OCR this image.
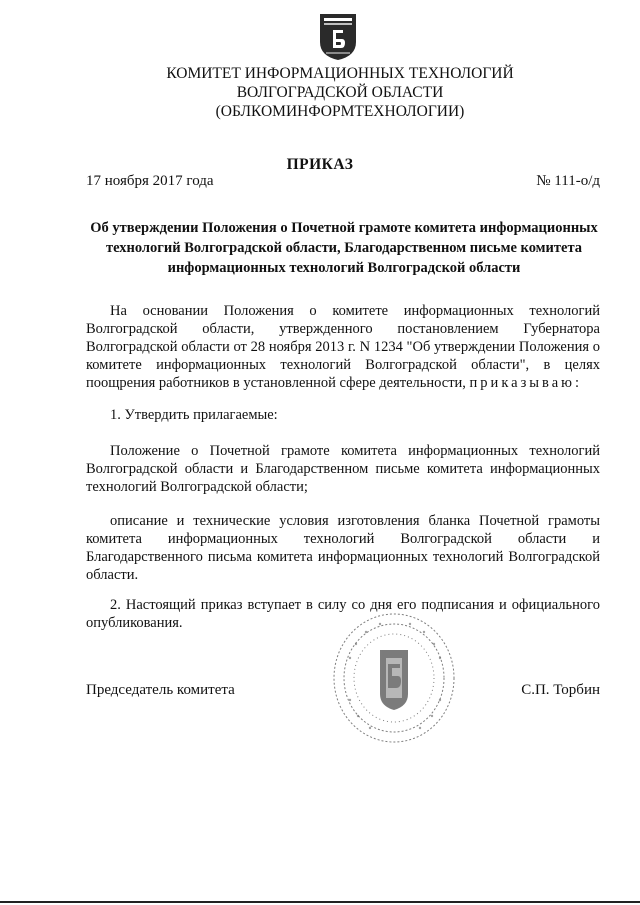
КОМИТЕТ ИНФОРМАЦИОННЫХ ТЕХНОЛОГИЙ
ВОЛГОГРАДСКОЙ ОБЛАСТИ
(ОБЛКОМИНФОРМТЕХНОЛОГИИ)
ПРИКАЗ
17 ноября 2017 года	№ 111-о/д
Об утверждении Положения о Почетной грамоте комитета информационных технологий Волгоградской области, Благодарственном письме комитета информационных технологий Волгоградской области
На основании Положения о комитете информационных технологий Волгоградской области, утвержденного постановлением Губернатора Волгоградской области от 28 ноября 2013 г. N 1234 "Об утверждении Положения о комитете информационных технологий Волгоградской области", в целях поощрения работников в установленной сфере деятельности, приказываю:
1. Утвердить прилагаемые:
Положение о Почетной грамоте комитета информационных технологий Волгоградской области и Благодарственном письме комитета информационных технологий Волгоградской области;
описание и технические условия изготовления бланка Почетной грамоты комитета информационных технологий Волгоградской области и Благодарственного письма комитета информационных технологий Волгоградской области.
2. Настоящий приказ вступает в силу со дня его подписания и официального опубликования.
Председатель комитета	С.П. Торбин
